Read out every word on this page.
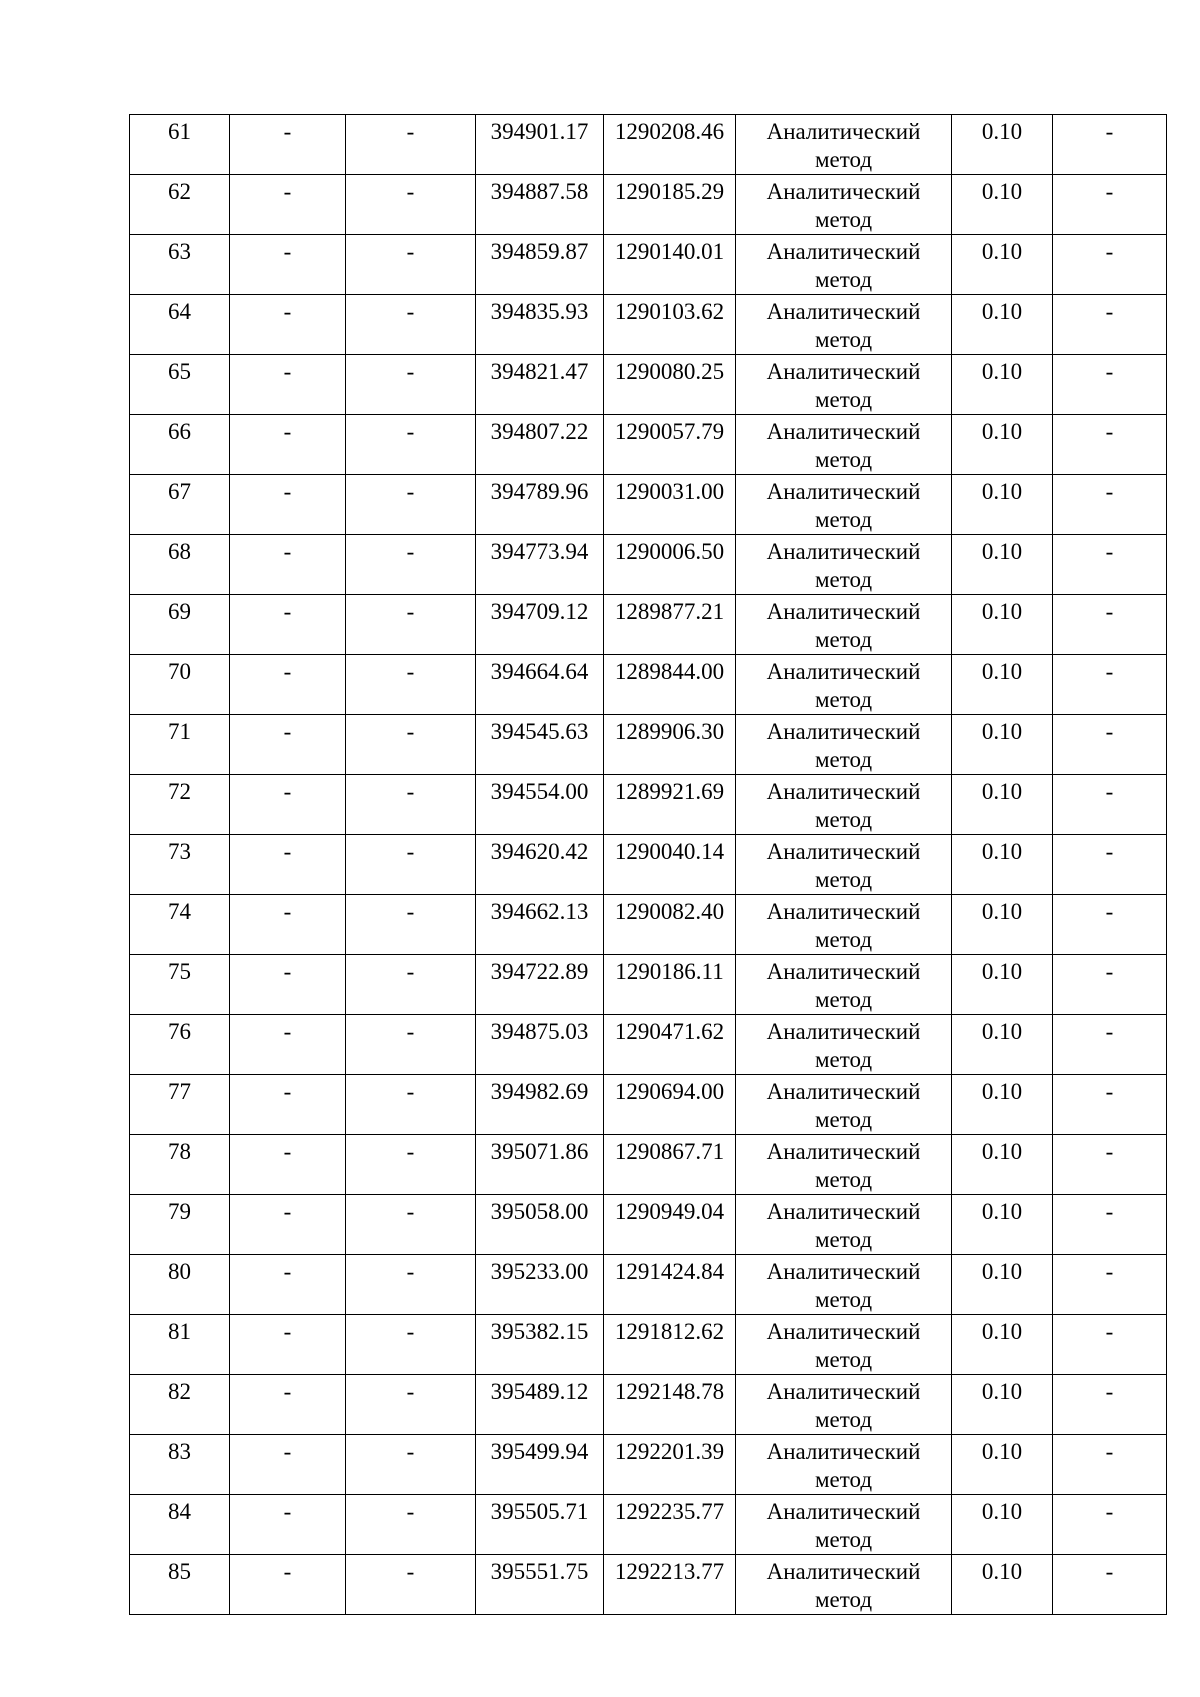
61	-	-	394901.17	1290208.46	Аналитический метод	0.10	-
62	-	-	394887.58	1290185.29	Аналитический метод	0.10	-
63	-	-	394859.87	1290140.01	Аналитический метод	0.10	-
64	-	-	394835.93	1290103.62	Аналитический метод	0.10	-
65	-	-	394821.47	1290080.25	Аналитический метод	0.10	-
66	-	-	394807.22	1290057.79	Аналитический метод	0.10	-
67	-	-	394789.96	1290031.00	Аналитический метод	0.10	-
68	-	-	394773.94	1290006.50	Аналитический метод	0.10	-
69	-	-	394709.12	1289877.21	Аналитический метод	0.10	-
70	-	-	394664.64	1289844.00	Аналитический метод	0.10	-
71	-	-	394545.63	1289906.30	Аналитический метод	0.10	-
72	-	-	394554.00	1289921.69	Аналитический метод	0.10	-
73	-	-	394620.42	1290040.14	Аналитический метод	0.10	-
74	-	-	394662.13	1290082.40	Аналитический метод	0.10	-
75	-	-	394722.89	1290186.11	Аналитический метод	0.10	-
76	-	-	394875.03	1290471.62	Аналитический метод	0.10	-
77	-	-	394982.69	1290694.00	Аналитический метод	0.10	-
78	-	-	395071.86	1290867.71	Аналитический метод	0.10	-
79	-	-	395058.00	1290949.04	Аналитический метод	0.10	-
80	-	-	395233.00	1291424.84	Аналитический метод	0.10	-
81	-	-	395382.15	1291812.62	Аналитический метод	0.10	-
82	-	-	395489.12	1292148.78	Аналитический метод	0.10	-
83	-	-	395499.94	1292201.39	Аналитический метод	0.10	-
84	-	-	395505.71	1292235.77	Аналитический метод	0.10	-
85	-	-	395551.75	1292213.77	Аналитический метод	0.10	-
